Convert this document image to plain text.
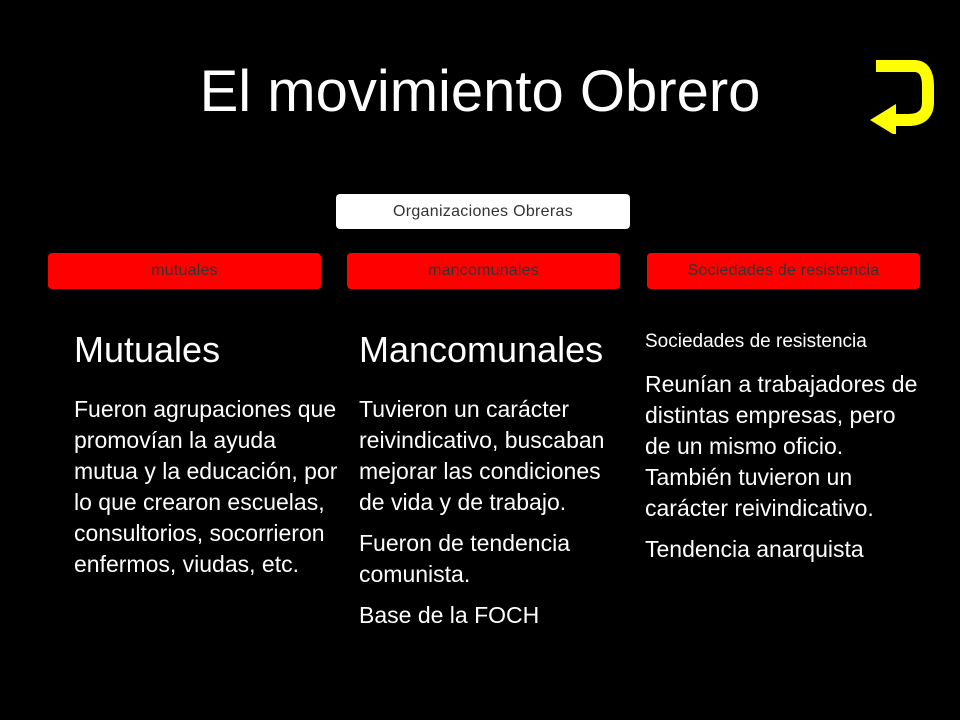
El movimiento Obrero
Organizaciones Obreras
mutuales	mancomunales	Sociedades de resistencia
Mutuales

Fueron agrupaciones que promovían la ayuda mutua y la educación, por lo que crearon escuelas, consultorios, socorrieron enfermos, viudas, etc.

Mancomunales

Tuvieron un carácter reivindicativo, buscaban mejorar las condiciones de vida y de trabajo.

Fueron de tendencia comunista.

Base de la FOCH

Sociedades de resistencia

Reunían a trabajadores de distintas empresas, pero de un mismo oficio. También tuvieron un carácter reivindicativo.

Tendencia anarquista
